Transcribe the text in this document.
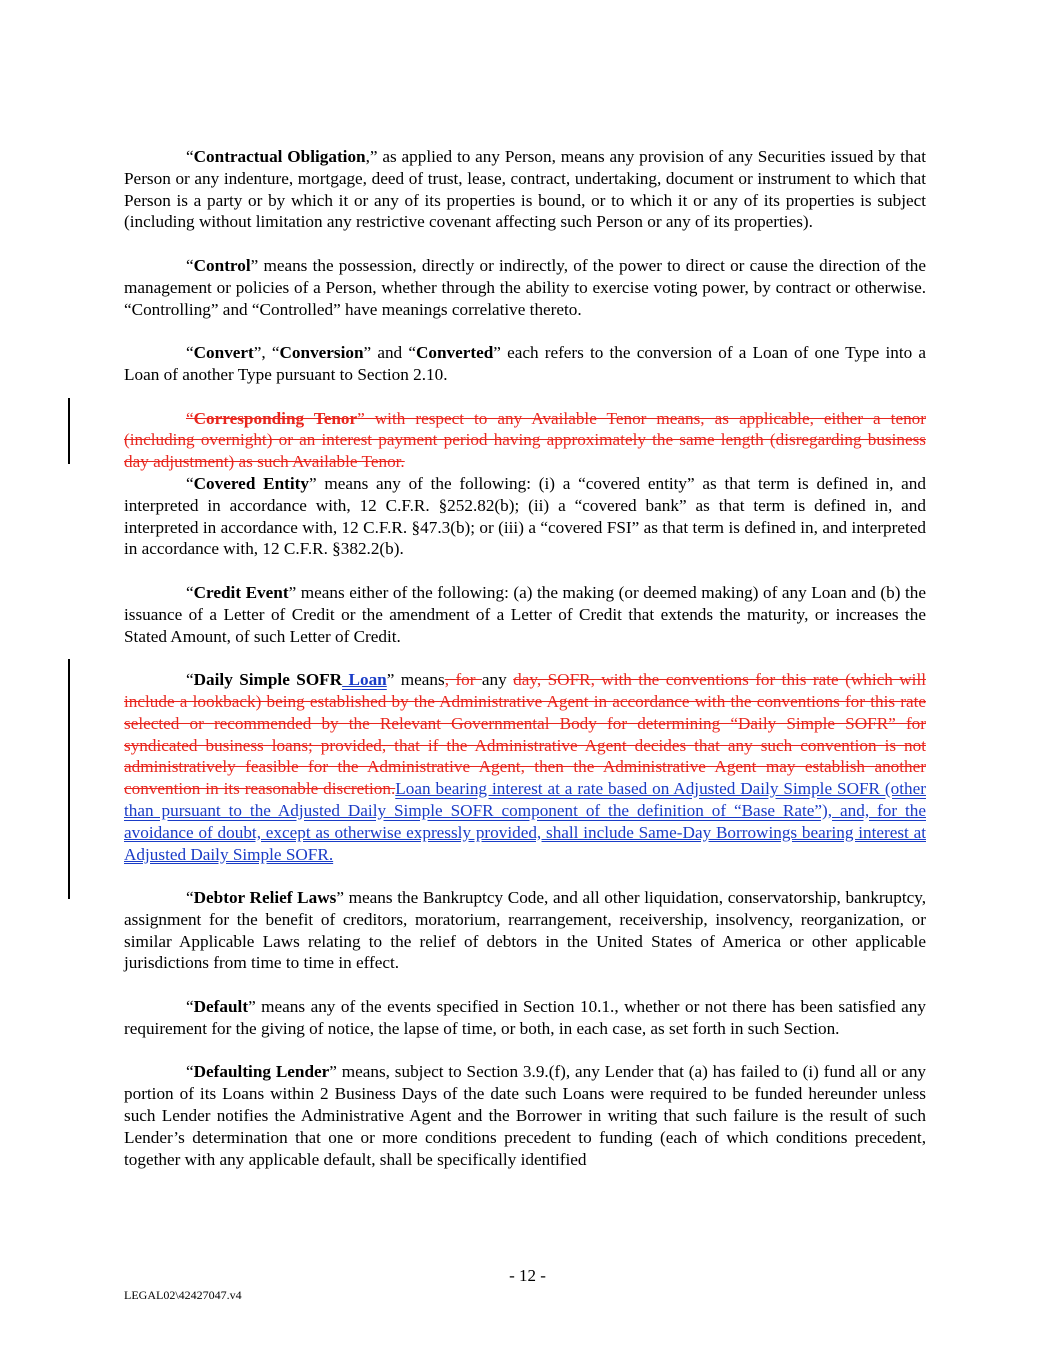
“Contractual Obligation,” as applied to any Person, means any provision of any Securities issued by that Person or any indenture, mortgage, deed of trust, lease, contract, undertaking, document or instrument to which that Person is a party or by which it or any of its properties is bound, or to which it or any of its properties is subject (including without limitation any restrictive covenant affecting such Person or any of its properties).

“Control” means the possession, directly or indirectly, of the power to direct or cause the direction of the management or policies of a Person, whether through the ability to exercise voting power, by contract or otherwise. “Controlling” and “Controlled” have meanings correlative thereto.

“Convert”, “Conversion” and “Converted” each refers to the conversion of a Loan of one Type into a Loan of another Type pursuant to Section 2.10.

“Corresponding Tenor” with respect to any Available Tenor means, as applicable, either a tenor (including overnight) or an interest payment period having approximately the same length (disregarding business day adjustment) as such Available Tenor.

“Covered Entity” means any of the following: (i) a “covered entity” as that term is defined in, and interpreted in accordance with, 12 C.F.R. §252.82(b); (ii) a “covered bank” as that term is defined in, and interpreted in accordance with, 12 C.F.R. §47.3(b); or (iii) a “covered FSI” as that term is defined in, and interpreted in accordance with, 12 C.F.R. §382.2(b).

“Credit Event” means either of the following: (a) the making (or deemed making) of any Loan and (b) the issuance of a Letter of Credit or the amendment of a Letter of Credit that extends the maturity, or increases the Stated Amount, of such Letter of Credit.

“Daily Simple SOFR Loan” means, for any day, SOFR, with the conventions for this rate (which will include a lookback) being established by the Administrative Agent in accordance with the conventions for this rate selected or recommended by the Relevant Governmental Body for determining “Daily Simple SOFR” for syndicated business loans; provided, that if the Administrative Agent decides that any such convention is not administratively feasible for the Administrative Agent, then the Administrative Agent may establish another convention in its reasonable discretion.Loan bearing interest at a rate based on Adjusted Daily Simple SOFR (other than pursuant to the Adjusted Daily Simple SOFR component of the definition of “Base Rate”), and, for the avoidance of doubt, except as otherwise expressly provided, shall include Same-Day Borrowings bearing interest at Adjusted Daily Simple SOFR.

“Debtor Relief Laws” means the Bankruptcy Code, and all other liquidation, conservatorship, bankruptcy, assignment for the benefit of creditors, moratorium, rearrangement, receivership, insolvency, reorganization, or similar Applicable Laws relating to the relief of debtors in the United States of America or other applicable jurisdictions from time to time in effect.

“Default” means any of the events specified in Section 10.1., whether or not there has been satisfied any requirement for the giving of notice, the lapse of time, or both, in each case, as set forth in such Section.

“Defaulting Lender” means, subject to Section 3.9.(f), any Lender that (a) has failed to (i) fund all or any portion of its Loans within 2 Business Days of the date such Loans were required to be funded hereunder unless such Lender notifies the Administrative Agent and the Borrower in writing that such failure is the result of such Lender’s determination that one or more conditions precedent to funding (each of which conditions precedent, together with any applicable default, shall be specifically identified

- 12 -
LEGAL02\42427047.v4
